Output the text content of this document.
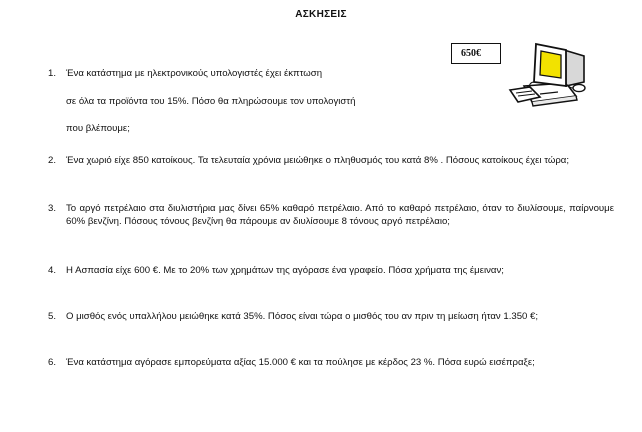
ΑΣΚΗΣΕΙΣ
650€
1. Ένα κατάστημα με ηλεκτρονικούς υπολογιστές έχει έκπτωση
σε όλα τα προϊόντα του 15%. Πόσο θα πληρώσουμε τον υπολογιστή
που βλέπουμε;
2. Ένα χωριό είχε 850 κατοίκους. Τα τελευταία χρόνια μειώθηκε ο πληθυσμός του κατά 8% . Πόσους κατοίκους έχει τώρα;
3. Το αργό πετρέλαιο στα διυλιστήρια μας δίνει 65% καθαρό πετρέλαιο. Από το καθαρό πετρέλαιο, όταν το διυλίσουμε, παίρνουμε 60% βενζίνη. Πόσους τόνους βενζίνη θα πάρουμε αν διυλίσουμε 8 τόνους αργό πετρέλαιο;
4. Η Ασπασία είχε 600 €. Με το 20% των χρημάτων της αγόρασε ένα γραφείο. Πόσα χρήματα της έμειναν;
5. Ο μισθός ενός υπαλλήλου μειώθηκε κατά 35%. Πόσος είναι τώρα ο μισθός του αν πριν τη μείωση ήταν 1.350 €;
6. Ένα κατάστημα αγόρασε εμπορεύματα αξίας 15.000 € και τα πούλησε με κέρδος 23 %. Πόσα ευρώ εισέπραξε;
